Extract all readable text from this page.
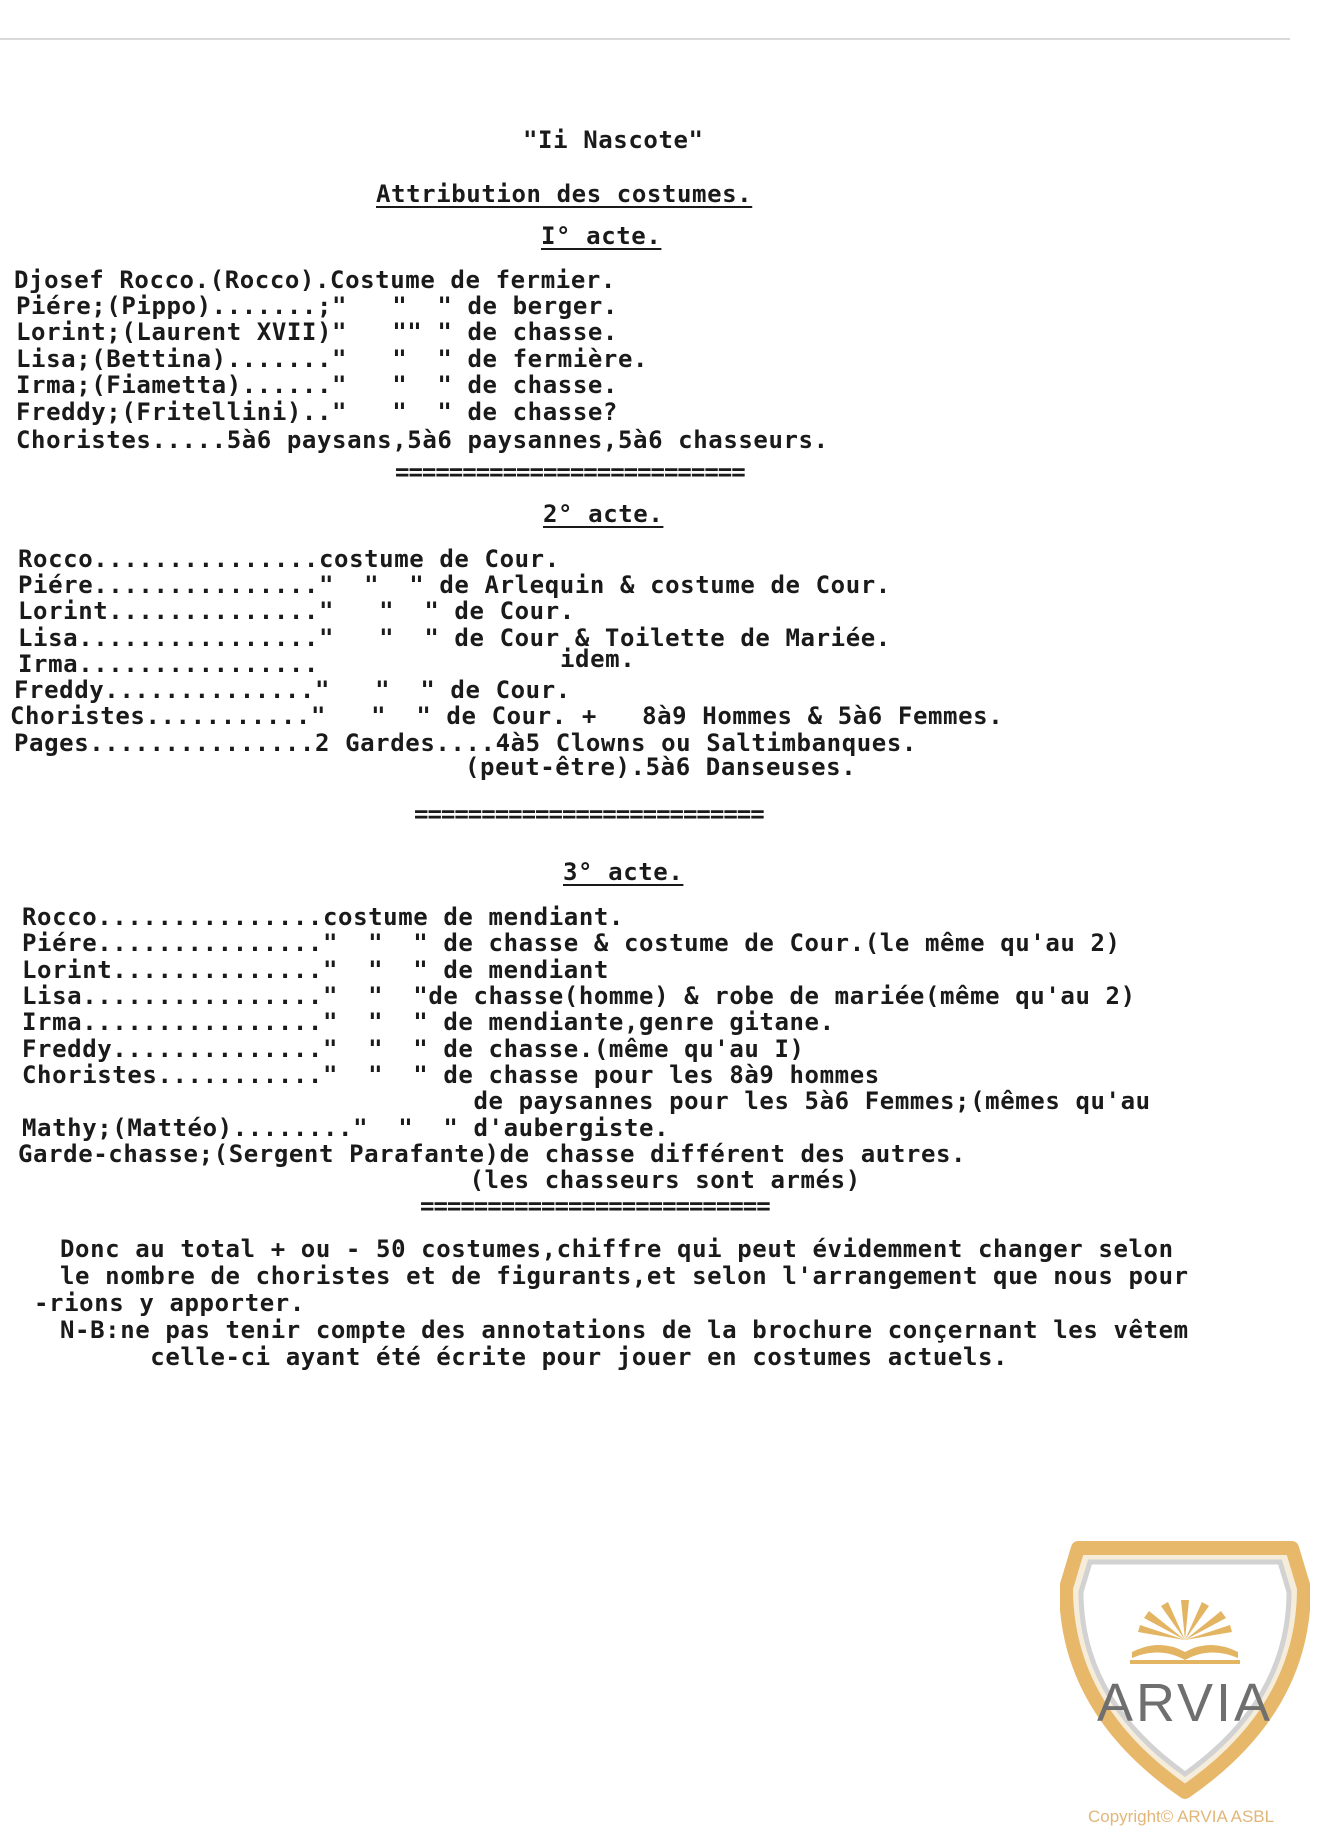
"Ii Nascote"
Attribution des costumes.
I° acte.
Djosef Rocco.(Rocco).Costume de fermier.
Piére;(Pippo).......;"   "  " de berger.
Lorint;(Laurent XVII)"   "" " de chasse.
Lisa;(Bettina)......."   "  " de fermière.
Irma;(Fiametta)......"   "  " de chasse.
Freddy;(Fritellini).."   "  " de chasse?
Choristes.....5à6 paysans,5à6 paysannes,5à6 chasseurs.
==========================
2° acte.
Rocco...............costume de Cour.
Piére..............."  "  " de Arlequin & costume de Cour.
Lorint.............."   "  " de Cour.
Lisa................"   "  " de Cour & Toilette de Mariée.
Irma................	idem.
Freddy.............."   "  " de Cour.
Choristes..........."   "  " de Cour. +   8à9 Hommes & 5à6 Femmes.
Pages...............2 Gardes....4à5 Clowns ou Saltimbanques.
(peut-être).5à6 Danseuses.
==========================
3° acte.
Rocco...............costume de mendiant.
Piére..............."  "  " de chasse & costume de Cour.(le même qu'au 2)
Lorint.............."  "  " de mendiant
Lisa................"  "  "de chasse(homme) & robe de mariée(même qu'au 2)
Irma................"  "  " de mendiante,genre gitane.
Freddy.............."  "  " de chasse.(même qu'au I)
Choristes..........."  "  " de chasse pour les 8à9 hommes
de paysannes pour les 5à6 Femmes;(mêmes qu'au
Mathy;(Mattéo)........"  "  " d'aubergiste.
Garde-chasse;(Sergent Parafante)de chasse différent des autres.
(les chasseurs sont armés)
==========================
Donc au total + ou - 50 costumes,chiffre qui peut évidemment changer selon
le nombre de choristes et de figurants,et selon l'arrangement que nous pour
-rions y apporter.
N-B:ne pas tenir compte des annotations de la brochure conçernant les vêtem
celle-ci ayant été écrite pour jouer en costumes actuels.
ARVIA
Copyright© ARVIA ASBL
